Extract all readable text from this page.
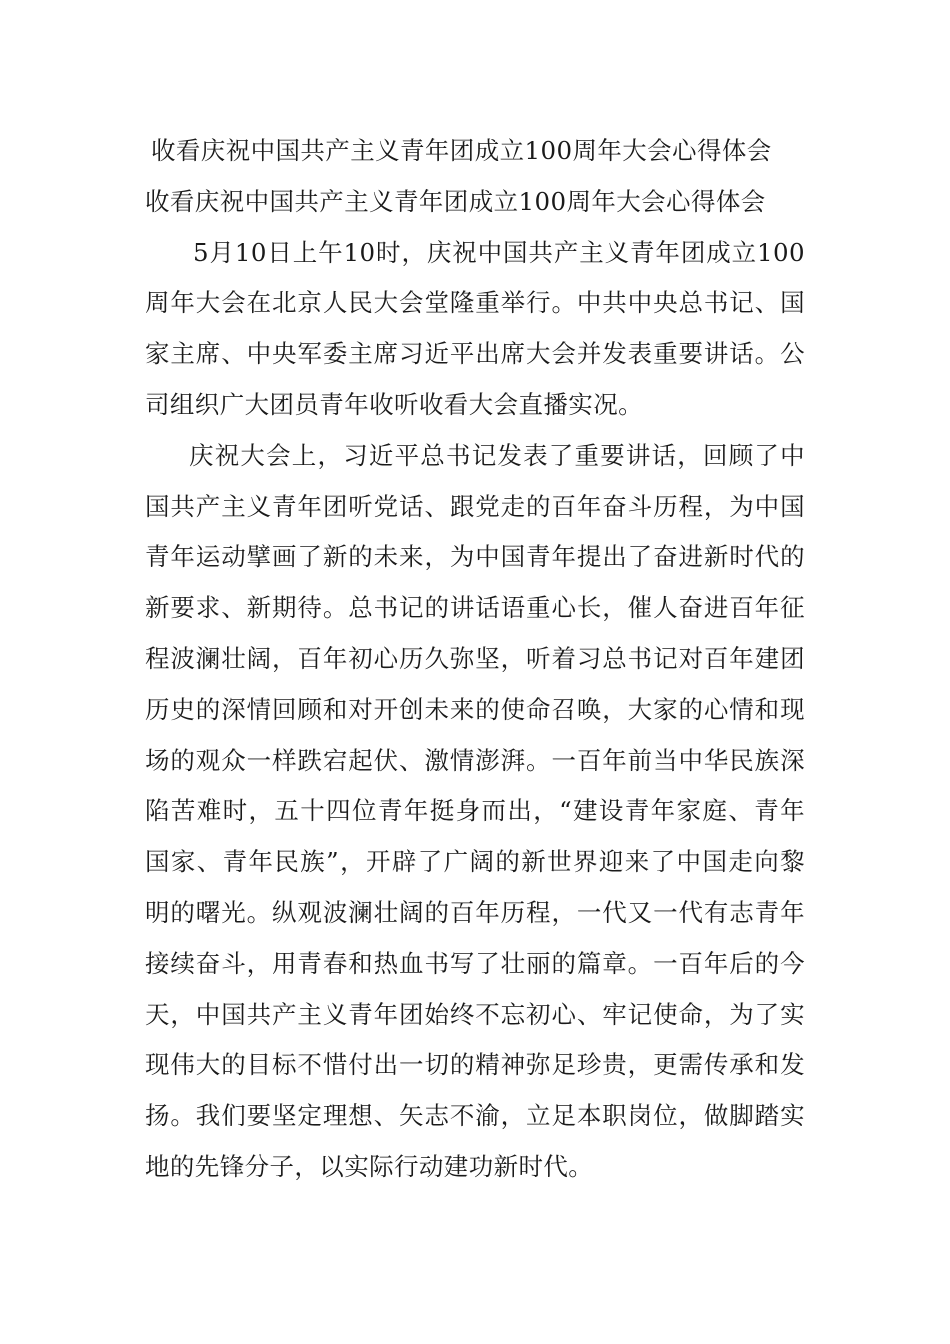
收看庆祝中国共产主义青年团成立100周年大会心得体会

收看庆祝中国共产主义青年团成立100周年大会心得体会

5月10日上午10时，庆祝中国共产主义青年团成立100周年大会在北京人民大会堂隆重举行。中共中央总书记、国家主席、中央军委主席习近平出席大会并发表重要讲话。公司组织广大团员青年收听收看大会直播实况。

庆祝大会上，习近平总书记发表了重要讲话，回顾了中国共产主义青年团听党话、跟党走的百年奋斗历程，为中国青年运动擘画了新的未来，为中国青年提出了奋进新时代的新要求、新期待。总书记的讲话语重心长，催人奋进百年征程波澜壮阔，百年初心历久弥坚，听着习总书记对百年建团历史的深情回顾和对开创未来的使命召唤，大家的心情和现场的观众一样跌宕起伏、激情澎湃。一百年前当中华民族深陷苦难时，五十四位青年挺身而出，“建设青年家庭、青年国家、青年民族”，开辟了广阔的新世界迎来了中国走向黎明的曙光。纵观波澜壮阔的百年历程，一代又一代有志青年接续奋斗，用青春和热血书写了壮丽的篇章。一百年后的今天，中国共产主义青年团始终不忘初心、牢记使命，为了实现伟大的目标不惜付出一切的精神弥足珍贵，更需传承和发扬。我们要坚定理想、矢志不渝，立足本职岗位，做脚踏实地的先锋分子，以实际行动建功新时代。
